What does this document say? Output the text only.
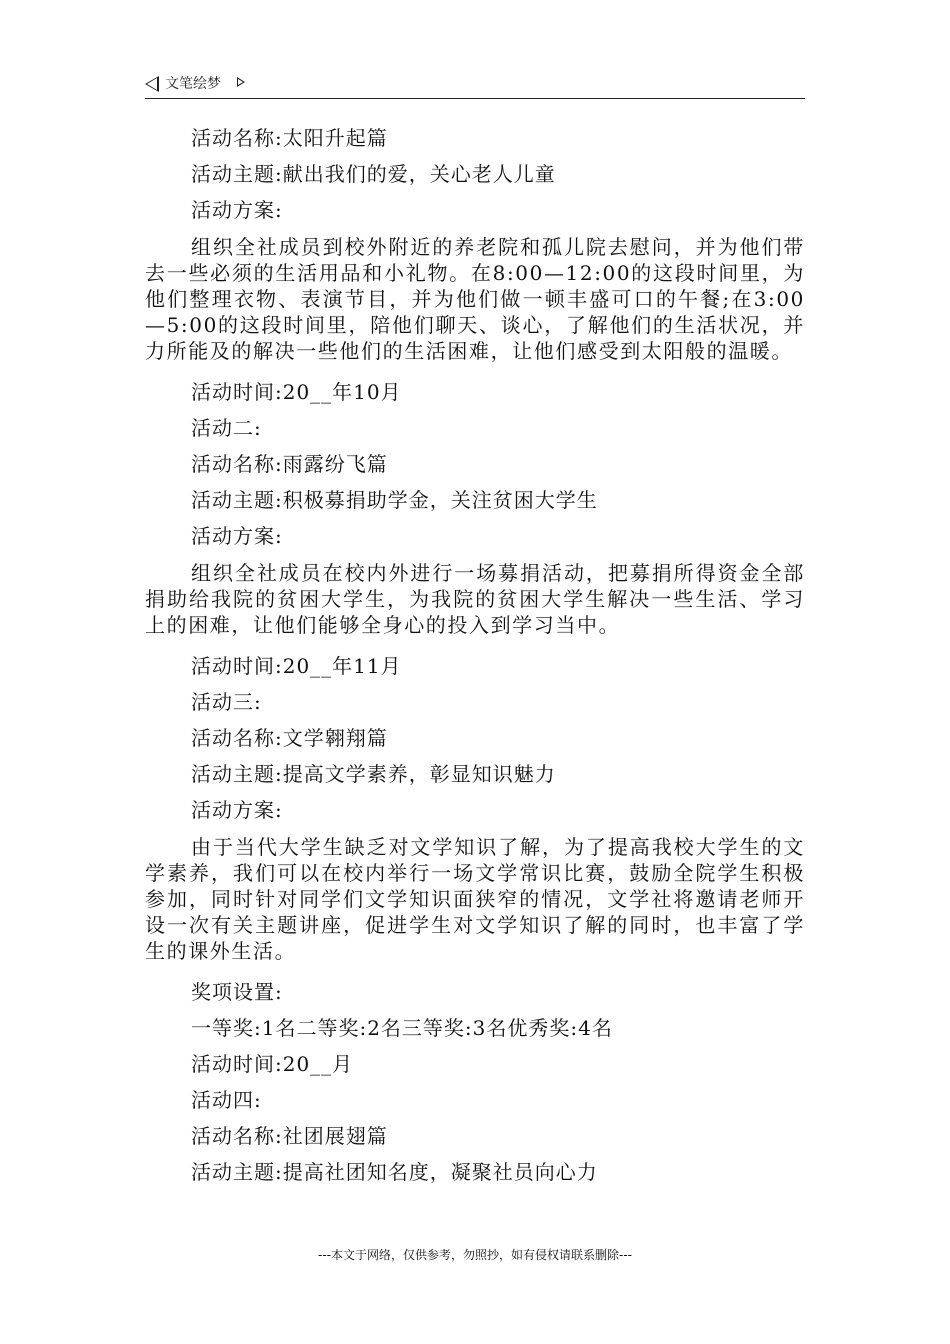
文笔绘梦
活动名称:太阳升起篇
活动主题:献出我们的爱，关心老人儿童
活动方案:

组织全社成员到校外附近的养老院和孤儿院去慰问，并为他们带去一些必须的生活用品和小礼物。在8:00—12:00的这段时间里，为他们整理衣物、表演节目，并为他们做一顿丰盛可口的午餐;在3:00—5:00的这段时间里，陪他们聊天、谈心，了解他们的生活状况，并力所能及的解决一些他们的生活困难，让他们感受到太阳般的温暖。

活动时间:20__年10月
活动二:
活动名称:雨露纷飞篇
活动主题:积极募捐助学金，关注贫困大学生
活动方案:

组织全社成员在校内外进行一场募捐活动，把募捐所得资金全部捐助给我院的贫困大学生，为我院的贫困大学生解决一些生活、学习上的困难，让他们能够全身心的投入到学习当中。

活动时间:20__年11月
活动三:
活动名称:文学翱翔篇
活动主题:提高文学素养，彰显知识魅力
活动方案:

由于当代大学生缺乏对文学知识了解，为了提高我校大学生的文学素养，我们可以在校内举行一场文学常识比赛，鼓励全院学生积极参加，同时针对同学们文学知识面狭窄的情况，文学社将邀请老师开设一次有关主题讲座，促进学生对文学知识了解的同时，也丰富了学生的课外生活。

奖项设置:
一等奖:1名二等奖:2名三等奖:3名优秀奖:4名
活动时间:20__月
活动四:
活动名称:社团展翅篇
活动主题:提高社团知名度，凝聚社员向心力
---本文于网络，仅供参考，勿照抄，如有侵权请联系删除---
